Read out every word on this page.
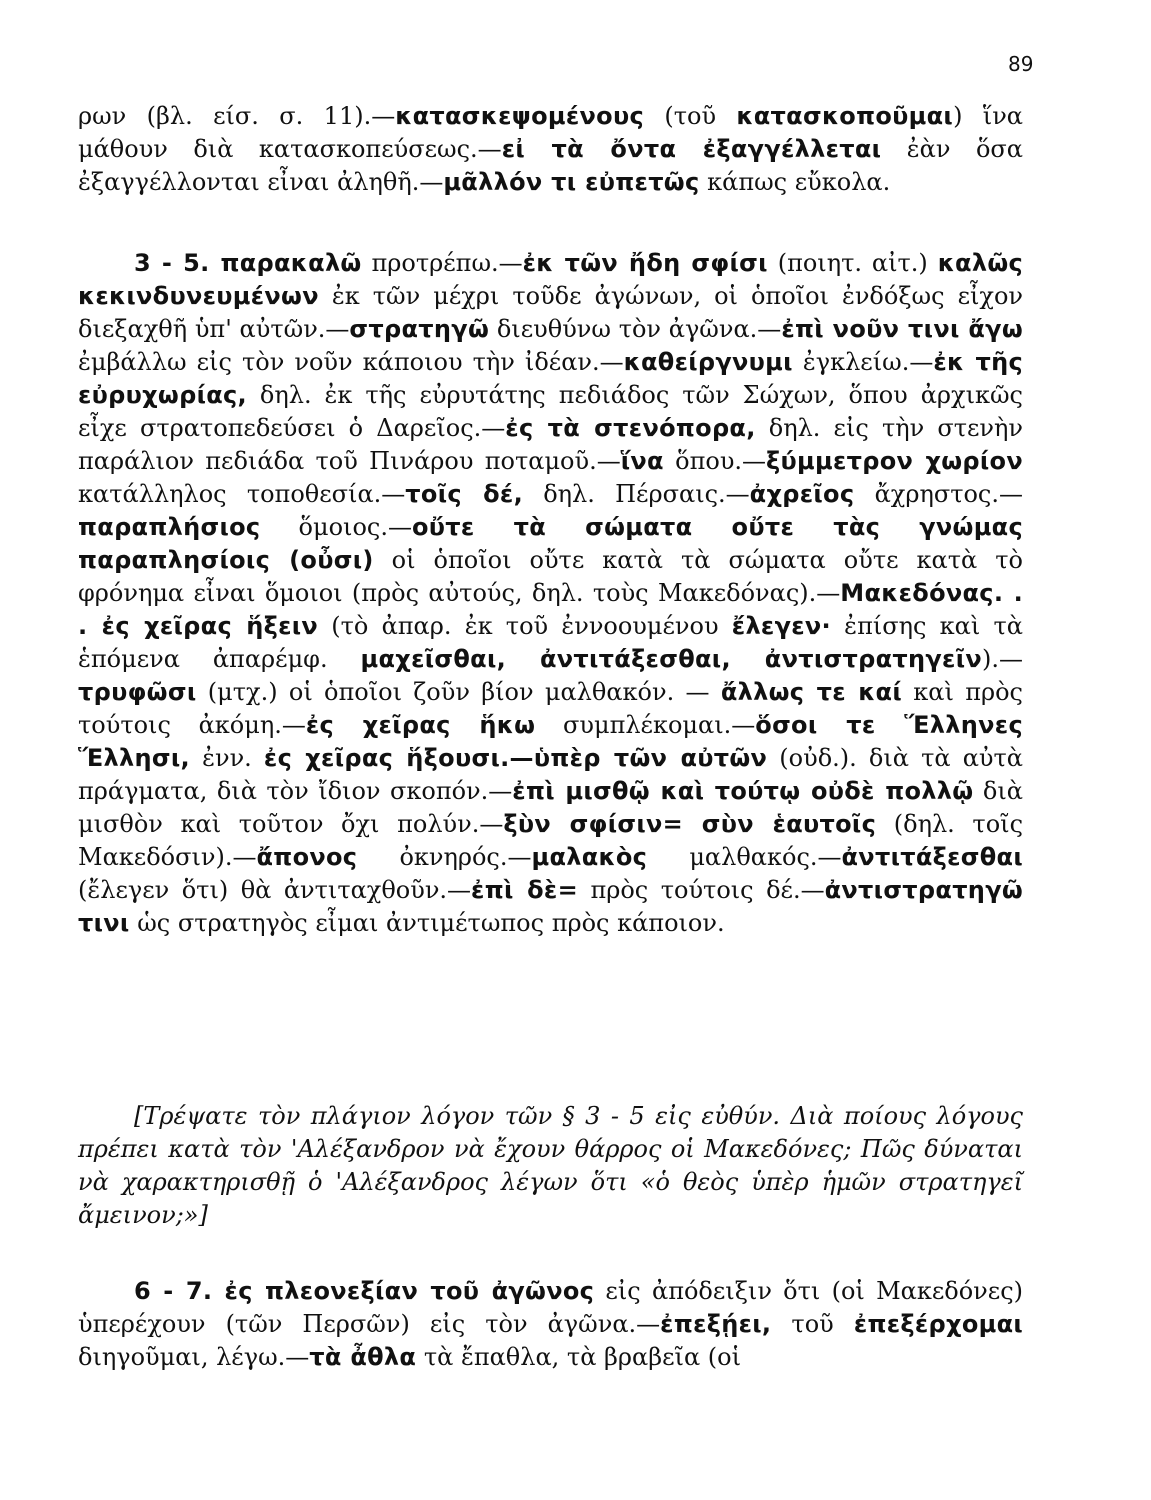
89

ρων (βλ. είσ. σ. 11).—κατασκεψομένους (τοῦ κατασκοποῦμαι) ἵνα μάθουν διὰ κατασκοπεύσεως.—εἰ τὰ ὄντα ἐξαγγέλλεται ἐὰν ὅσα ἐξαγγέλλονται εἶναι ἀληθῆ.—μᾶλλόν τι εὐπετῶς κάπως εὔκολα.

3 - 5. παρακαλῶ προτρέπω.—ἐκ τῶν ἤδη σφίσι (ποιητ. αἰτ.) καλῶς κεκινδυνευμένων ἐκ τῶν μέχρι τοῦδε ἀγώνων, οἱ ὁποῖοι ἐνδόξως εἶχον διεξαχθῆ ὑπ' αὐτῶν.—στρατηγῶ διευθύνω τὸν ἀγῶνα.—ἐπὶ νοῦν τινι ἄγω ἐμβάλλω εἰς τὸν νοῦν κάποιου τὴν ἰδέαν.—καθείργνυμι ἐγκλείω.—ἐκ τῆς εὐρυχωρίας, δηλ. ἐκ τῆς εὐρυτάτης πεδιάδος τῶν Σώχων, ὅπου ἀρχικῶς εἶχε στρατοπεδεύσει ὁ Δαρεῖος.—ἐς τὰ στενόπορα, δηλ. εἰς τὴν στενὴν παράλιον πεδιάδα τοῦ Πινάρου ποταμοῦ.—ἵνα ὅπου.—ξύμμετρον χωρίον κατάλληλος τοποθεσία.—τοῖς δέ, δηλ. Πέρσαις.—ἀχρεῖος ἄχρηστος.—παραπλήσιος ὅμοιος.—οὔτε τὰ σώματα οὔτε τὰς γνώμας παραπλησίοις (οὖσι) οἱ ὁποῖοι οὔτε κατὰ τὰ σώματα οὔτε κατὰ τὸ φρόνημα εἶναι ὅμοιοι (πρὸς αὐτούς, δηλ. τοὺς Μακεδόνας).—Μακεδόνας. . . ἐς χεῖρας ἥξειν (τὸ ἀπαρ. ἐκ τοῦ ἐννοουμένου ἔλεγεν· ἐπίσης καὶ τὰ ἑπόμενα ἀπαρέμφ. μαχεῖσθαι, ἀντιτάξεσθαι, ἀντιστρατηγεῖν).—τρυφῶσι (μτχ.) οἱ ὁποῖοι ζοῦν βίον μαλθακόν. — ἄλλως τε καί καὶ πρὸς τούτοις ἀκόμη.—ἐς χεῖρας ἥκω συμπλέκομαι.—ὅσοι τε Ἕλληνες Ἕλλησι, ἐνν. ἐς χεῖρας ἥξουσι.—ὑπὲρ τῶν αὐτῶν (οὐδ.). διὰ τὰ αὐτὰ πράγματα, διὰ τὸν ἴδιον σκοπόν.—ἐπὶ μισθῷ καὶ τούτῳ οὐδὲ πολλῷ διὰ μισθὸν καὶ τοῦτον ὄχι πολύν.—ξὺν σφίσιν= σὺν ἑαυτοῖς (δηλ. τοῖς Μακεδόσιν).—ἄπονος ὀκνηρός.—μαλακὸς μαλθακός.—ἀντιτάξεσθαι (ἔλεγεν ὅτι) θὰ ἀντιταχθοῦν.—ἐπὶ δὲ= πρὸς τούτοις δέ.—ἀντιστρατηγῶ τινι ὡς στρατηγὸς εἶμαι ἀντιμέτωπος πρὸς κάποιον.

[Τρέψατε τὸν πλάγιον λόγον τῶν § 3 - 5 εἰς εὐθύν. Διὰ ποίους λόγους πρέπει κατὰ τὸν 'Αλέξανδρον νὰ ἔχουν θάρρος οἱ Μακεδόνες; Πῶς δύναται νὰ χαρακτηρισθῇ ὁ 'Αλέξανδρος λέγων ὅτι «ὁ θεὸς ὑπὲρ ἡμῶν στρατηγεῖ ἄμεινον;»]

6 - 7. ἐς πλεονεξίαν τοῦ ἀγῶνος εἰς ἀπόδειξιν ὅτι (οἱ Μακεδόνες) ὑπερέχουν (τῶν Περσῶν) εἰς τὸν ἀγῶνα.—ἐπεξῄει, τοῦ ἐπεξέρχομαι διηγοῦμαι, λέγω.—τὰ ἆθλα τὰ ἔπαθλα, τὰ βραβεῖα (οἱ
